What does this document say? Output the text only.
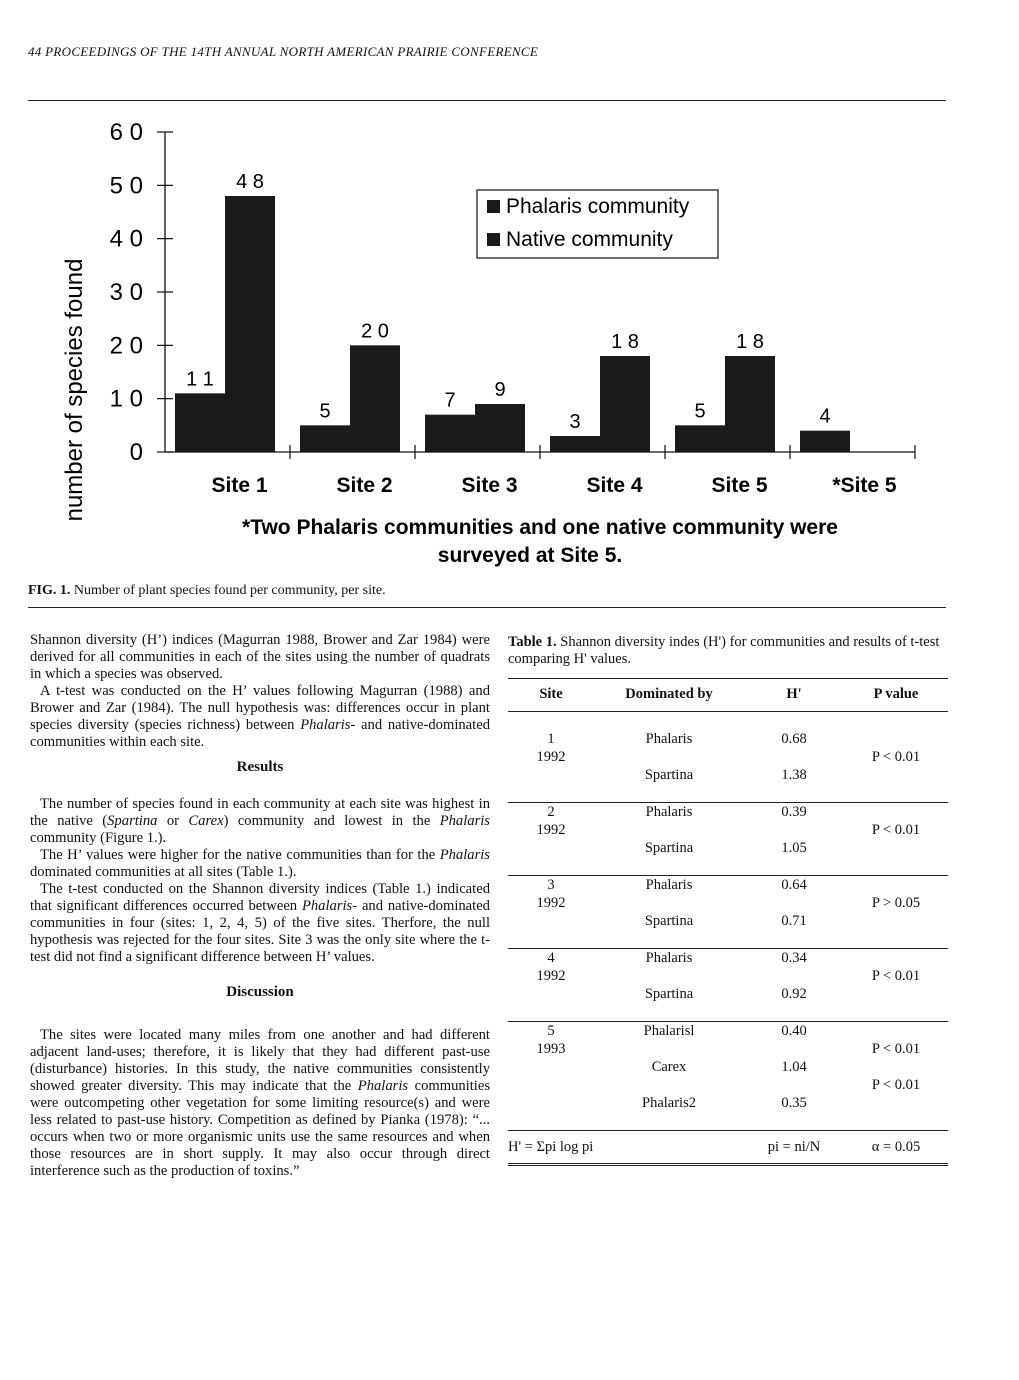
44 PROCEEDINGS OF THE 14TH ANNUAL NORTH AMERICAN PRAIRIE CONFERENCE
number of species found 0
1 0
2 0
3 0
4 0
5 0
6 0
1 1
4 8
5
2 0
7 9
3
1 8
5
1 8
4
Site 1	Site 2	Site 3	Site 4	Site 5	*Site 5
Phalaris community
Native community
*Two Phalaris communities and one native community were
surveyed at Site 5.
FIG. 1. Number of plant species found per community, per site.

Shannon diversity (H’) indices (Magurran 1988, Brower and Zar 1984) were derived for all communities in each of the sites using the number of quadrats in which a species was observed.

A t-test was conducted on the H’ values following Magurran (1988) and Brower and Zar (1984). The null hypothesis was: differences occur in plant species diversity (species richness) between Phalaris- and native-dominated communities within each site.

Results

The number of species found in each community at each site was highest in the native (Spartina or Carex) community and lowest in the Phalaris community (Figure 1.).

The H’ values were higher for the native communities than for the Phalaris dominated communities at all sites (Table 1.).

The t-test conducted on the Shannon diversity indices (Table 1.) indicated that significant differences occurred between Phalaris- and native-dominated communities in four (sites: 1, 2, 4, 5) of the five sites. Therfore, the null hypothesis was rejected for the four sites. Site 3 was the only site where the t-test did not find a significant difference between H’ values.

Discussion

The sites were located many miles from one another and had different adjacent land-uses; therefore, it is likely that they had different past-use (disturbance) histories. In this study, the native communities consistently showed greater diversity. This may indicate that the Phalaris communities were outcompeting other vegetation for some limiting resource(s) and were less related to past-use history. Competition as defined by Pianka (1978): “... occurs when two or more organismic units use the same resources and when those resources are in short supply. It may also occur through direct interference such as the production of toxins.”

Table 1. Shannon diversity indes (H') for communities and results of t-test comparing H' values.

Site	Dominated by	H'	P value

1	Phalaris	0.68	
1992			P < 0.01
	Spartina	1.38	

2	Phalaris	0.39	
1992			P < 0.01
	Spartina	1.05	

3	Phalaris	0.64	
1992			P > 0.05
	Spartina	0.71	

4	Phalaris	0.34	
1992			P < 0.01
	Spartina	0.92	

5	Phalarisl	0.40	
1993			P < 0.01
	Carex	1.04	
			P < 0.01
	Phalaris2	0.35	

H' = Σpi log pi		pi = ni/N	α = 0.05
